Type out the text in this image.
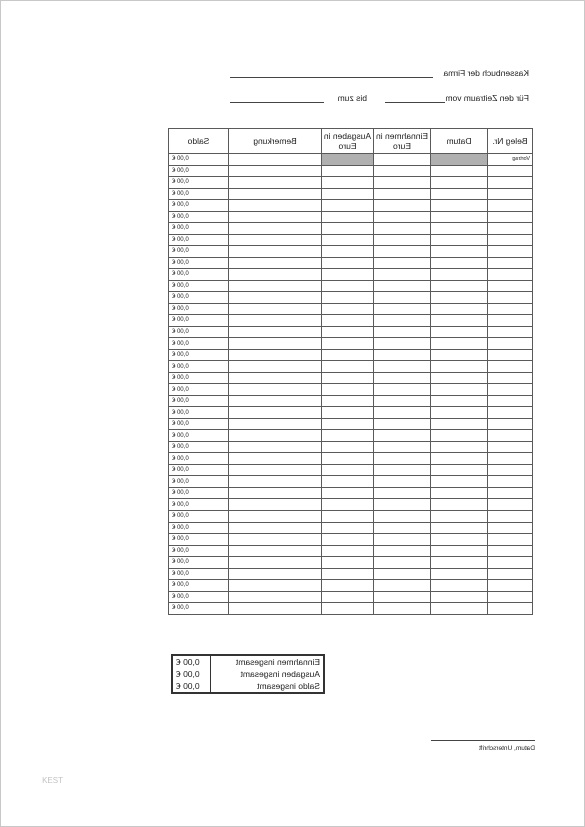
Kassenbuch der Firma
Für den Zeitraum vom
bis zum
Beleg Nr.	Datum	Einnahmen in Euro	Ausgaben in Euro	Bemerkung	Saldo
Vortrag					0,00 €
					0,00 €
					0,00 €
					0,00 €
					0,00 €
					0,00 €
					0,00 €
					0,00 €
					0,00 €
					0,00 €
					0,00 €
					0,00 €
					0,00 €
					0,00 €
					0,00 €
					0,00 €
					0,00 €
					0,00 €
					0,00 €
					0,00 €
					0,00 €
					0,00 €
					0,00 €
					0,00 €
					0,00 €
					0,00 €
					0,00 €
					0,00 €
					0,00 €
					0,00 €
					0,00 €
					0,00 €
					0,00 €
					0,00 €
					0,00 €
					0,00 €
					0,00 €
					0,00 €
					0,00 €
					0,00 €
Einnahmen insgesamt	0,00 €
Ausgaben insgesamt	0,00 €
Saldo insgesamt	0,00 €
Datum, Unterschrift
KEST
